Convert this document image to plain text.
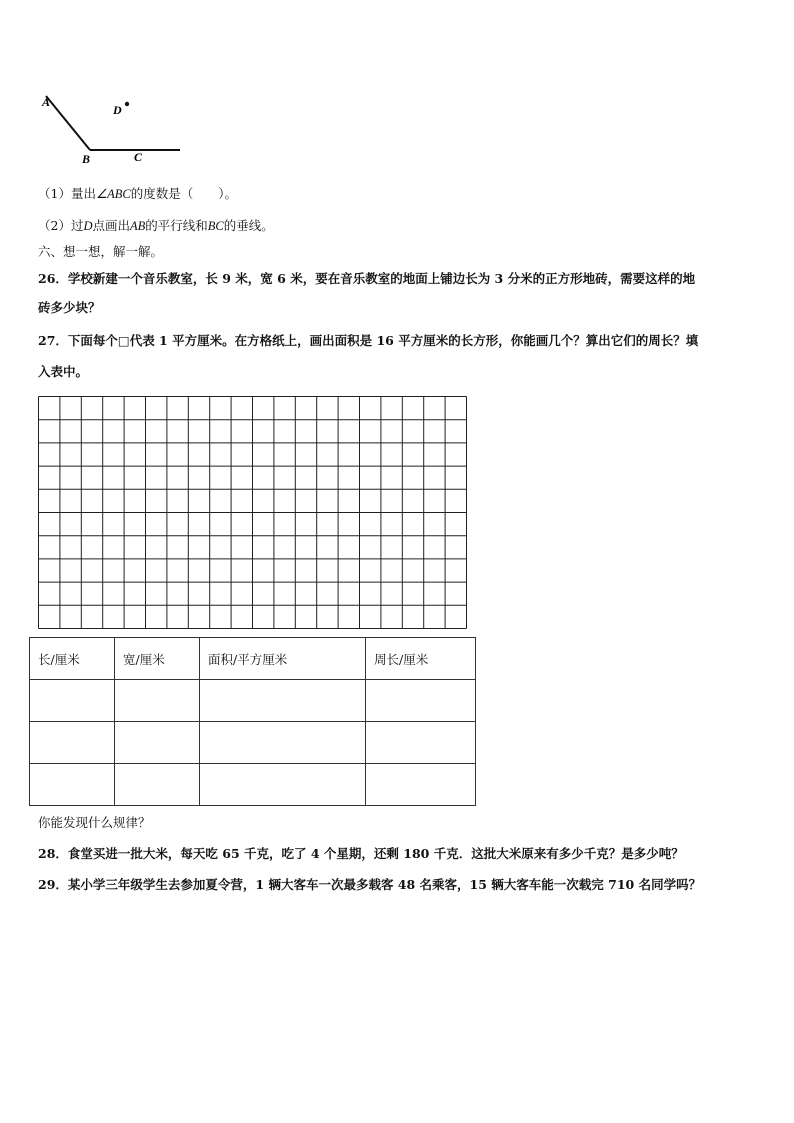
A
B	C
D
（1）量出∠ABC的度数是（　　）。
（2）过D点画出AB的平行线和BC的垂线。
六、想一想，解一解。
26．学校新建一个音乐教室，长 9 米，宽 6 米，要在音乐教室的地面上铺边长为 3 分米的正方形地砖，需要这样的地
砖多少块？
27．下面每个□代表 1 平方厘米。在方格纸上，画出面积是 16 平方厘米的长方形，你能画几个？算出它们的周长？填
入表中。
长/厘米	宽/厘米	面积/平方厘米	周长/厘米

你能发现什么规律？
28．食堂买进一批大米，每天吃 65 千克，吃了 4 个星期，还剩 180 千克．这批大米原来有多少千克？是多少吨？
29．某小学三年级学生去参加夏令营，1 辆大客车一次最多载客 48 名乘客，15 辆大客车能一次载完 710 名同学吗？
